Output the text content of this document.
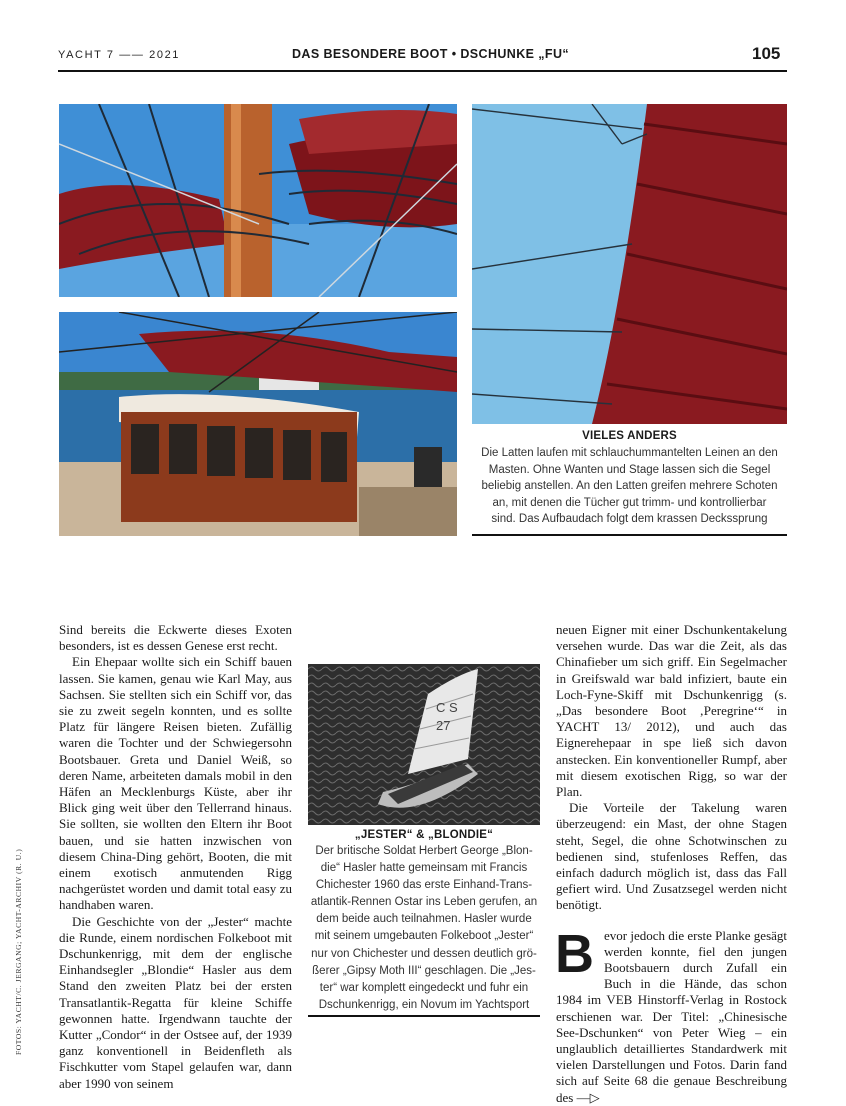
YACHT 7 —— 2021	DAS BESONDERE BOOT • DSCHUNKE „FU“	105
VIELES ANDERS
Die Latten laufen mit schlauchummantelten Leinen an den
Masten. Ohne Wanten und Stage lassen sich die Segel
beliebig anstellen. An den Latten greifen mehrere Schoten
an, mit denen die Tücher gut trimm- und kontrollierbar
sind. Das Aufbaudach folgt dem krassen Deckssprung

Sind bereits die Eckwerte dieses Exoten besonders, ist es dessen Genese erst recht.

Ein Ehepaar wollte sich ein Schiff bauen lassen. Sie kamen, genau wie Karl May, aus Sachsen. Sie stellten sich ein Schiff vor, das sie zu zweit segeln konnten, und es sollte Platz für längere Reisen bieten. Zufällig waren die Tochter und der Schwiegersohn Bootsbauer. Greta und Daniel Weiß, so deren Name, arbeiteten damals mobil in den Häfen an Mecklenburgs Küste, aber ihr Blick ging weit über den Tellerrand hinaus. Sie sollten, sie wollten den Eltern ihr Boot bauen, und sie hatten inzwischen von diesem China-Ding gehört, Booten, die mit einem exotisch anmutenden Rigg nachgerüstet worden und damit total easy zu handhaben waren.

Die Geschichte von der „Jester“ machte die Runde, einem nordischen Folkeboot mit Dschunkenrigg, mit dem der englische Einhandsegler „Blondie“ Hasler aus dem Stand den zweiten Platz bei der ersten Transatlantik-Regatta für kleine Schiffe gewonnen hatte. Irgendwann tauchte der Kutter „Condor“ in der Ostsee auf, der 1939 ganz konventionell in Beidenfleth als Fischkutter vom Stapel gelaufen war, dann aber 1990 von seinem

C S
27
„JESTER“ & „BLONDIE“
Der britische Soldat Herbert George „Blon-
die“ Hasler hatte gemeinsam mit Francis
Chichester 1960 das erste Einhand-Trans-
atlantik-Rennen Ostar ins Leben gerufen, an
dem beide auch teilnahmen. Hasler wurde
mit seinem umgebauten Folkeboot „Jester“
nur von Chichester und dessen deutlich grö-
ßerer „Gipsy Moth III“ geschlagen. Die „Jes-
ter“ war komplett eingedeckt und fuhr ein
Dschunkenrigg, ein Novum im Yachtsport

neuen Eigner mit einer Dschunkentakelung versehen wurde. Das war die Zeit, als das Chinafieber um sich griff. Ein Segelmacher in Greifswald war bald infiziert, baute ein Loch-Fyne-Skiff mit Dschunkenrigg (s. „Das besondere Boot ‚Peregrine‘“ in YACHT 13/ 2012), und auch das Eignerehepaar in spe ließ sich davon anstecken. Ein konventioneller Rumpf, aber mit diesem exotischen Rigg, so war der Plan.

Die Vorteile der Takelung waren überzeugend: ein Mast, der ohne Stagen steht, Segel, die ohne Schotwinschen zu bedienen sind, stufenloses Reffen, das einfach dadurch möglich ist, dass das Fall gefiert wird. Und Zusatzsegel werden nicht benötigt.

Bevor jedoch die erste Planke gesägt werden konnte, fiel den jungen Bootsbauern durch Zufall ein Buch in die Hände, das schon 1984 im VEB Hinstorff-Verlag in Rostock erschienen war. Der Titel: „Chinesische See-Dschunken“ von Peter Wieg – ein unglaublich detailliertes Standardwerk mit vielen Darstellungen und Fotos. Darin fand sich auf Seite 68 die genaue Beschreibung des —▷

FOTOS: YACHT/C. JERGANG; YACHT-ARCHIV (R. U.)
